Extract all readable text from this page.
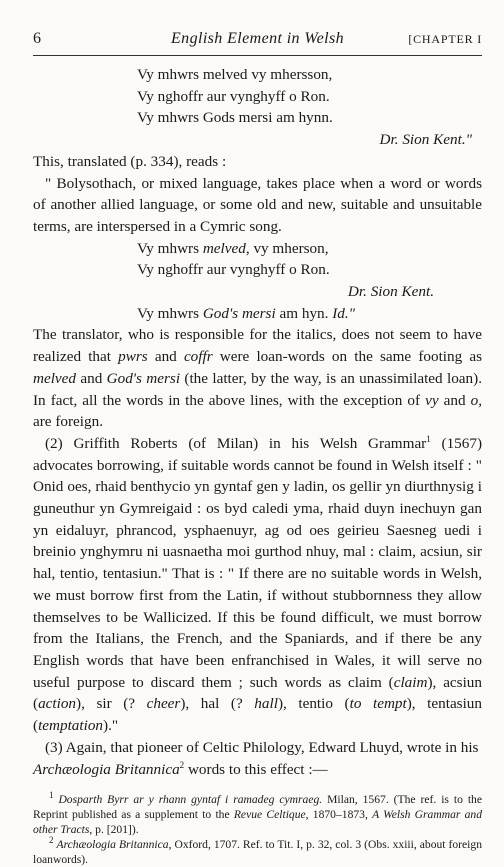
6	English Element in Welsh	[CHAPTER I
Vy mhwrs melved vy mhersson,
Vy nghoffr aur vynghyff o Ron.
Vy mhwrs Gods mersi am hynn.
Dr. Sion Kent."
This, translated (p. 334), reads :

" Bolysothach, or mixed language, takes place when a word or words of another allied language, or some old and new, suitable and unsuitable terms, are interspersed in a Cymric song.

Vy mhwrs melved, vy mherson,
Vy nghoffr aur vynghyff o Ron.
Dr. Sion Kent.
Vy mhwrs God's mersi am hyn. Id."

The translator, who is responsible for the italics, does not seem to have realized that pwrs and coffr were loan-words on the same footing as melved and God's mersi (the latter, by the way, is an unassimilated loan). In fact, all the words in the above lines, with the exception of vy and o, are foreign.

(2) Griffith Roberts (of Milan) in his Welsh Grammar$^1$ (1567) advocates borrowing, if suitable words cannot be found in Welsh itself : " Onid oes, rhaid benthycio yn gyntaf gen y ladin, os gellir yn diurthnysig i guneuthur yn Gymreigaid : os byd caledi yma, rhaid duyn inechuyn gan yn eidaluyr, phrancod, ysphaenuyr, ag od oes geirieu Saesneg uedi i breinio ynghymru ni uasnaetha moi gurthod nhuy, mal : claim, acsiun, sir hal, tentio, tentasiun." That is : " If there are no suitable words in Welsh, we must borrow first from the Latin, if without stubbornness they allow themselves to be Wallicized. If this be found difficult, we must borrow from the Italians, the French, and the Spaniards, and if there be any English words that have been enfranchised in Wales, it will serve no useful purpose to discard them ; such words as claim (claim), acsiun (action), sir (? cheer), hal (? hall), tentio (to tempt), tentasiun (temptation)."

(3) Again, that pioneer of Celtic Philology, Edward Lhuyd, wrote in his Archæologia Britannica$^2$ words to this effect :—

$^1$ Dosparth Byrr ar y rhann gyntaf i ramadeg cymraeg. Milan, 1567. (The ref. is to the Reprint published as a supplement to the Revue Celtique, 1870–1873, A Welsh Grammar and other Tracts, p. [201]).

$^2$ Archæologia Britannica, Oxford, 1707. Ref. to Tit. I, p. 32, col. 3 (Obs. xxiii, about foreign loanwords).
